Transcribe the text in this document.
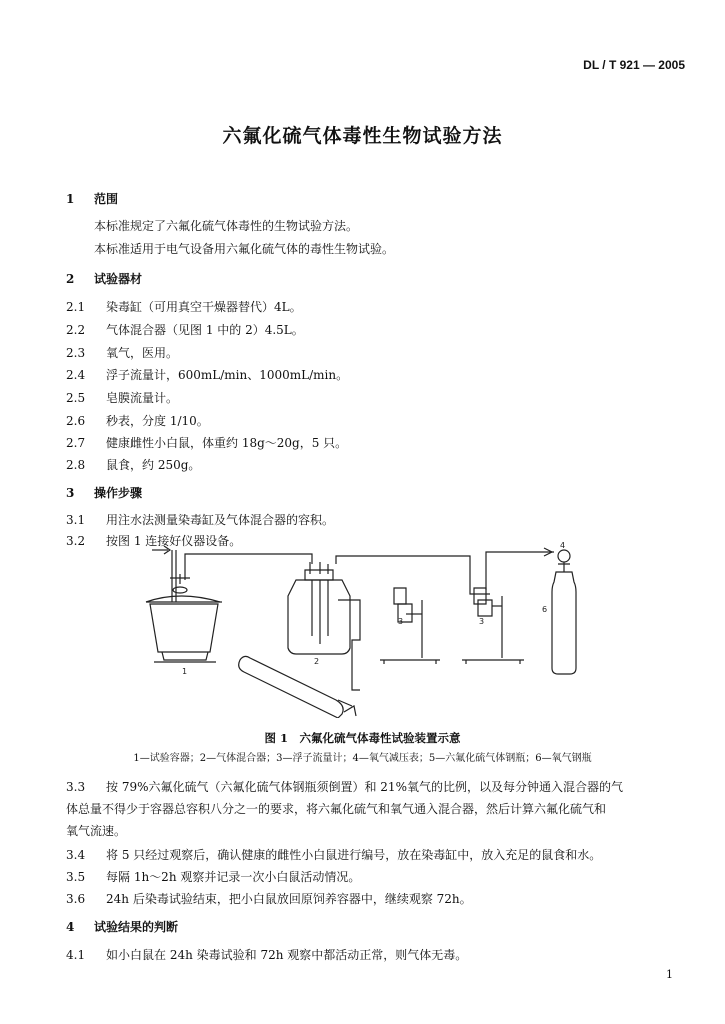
DL / T 921 — 2005
六氟化硫气体毒性生物试验方法
1 范围
本标准规定了六氟化硫气体毒性的生物试验方法。
本标准适用于电气设备用六氟化硫气体的毒性生物试验。
2 试验器材
2.1 染毒缸（可用真空干燥器替代）4L。
2.2 气体混合器（见图 1 中的 2）4.5L。
2.3 氧气，医用。
2.4 浮子流量计，600mL/min、1000mL/min。
2.5 皂膜流量计。
2.6 秒表，分度 1/10。
2.7 健康雌性小白鼠，体重约 18g～20g，5 只。
2.8 鼠食，约 250g。
3 操作步骤
3.1 用注水法测量染毒缸及气体混合器的容积。
3.2 按图 1 连接好仪器设备。
1
2
3	3
4
6
图 1　六氟化硫气体毒性试验装置示意
1—试验容器；2—气体混合器；3—浮子流量计；4—氧气减压表；5—六氟化硫气体钢瓶；6—氧气钢瓶
3.3 按 79%六氟化硫气（六氟化硫气体钢瓶须倒置）和 21%氧气的比例，以及每分钟通入混合器的气
体总量不得少于容器总容积八分之一的要求，将六氟化硫气和氧气通入混合器，然后计算六氟化硫气和
氧气流速。
3.4 将 5 只经过观察后，确认健康的雌性小白鼠进行编号，放在染毒缸中，放入充足的鼠食和水。
3.5 每隔 1h～2h 观察并记录一次小白鼠活动情况。
3.6 24h 后染毒试验结束，把小白鼠放回原饲养容器中，继续观察 72h。
4 试验结果的判断
4.1 如小白鼠在 24h 染毒试验和 72h 观察中都活动正常，则气体无毒。
1
